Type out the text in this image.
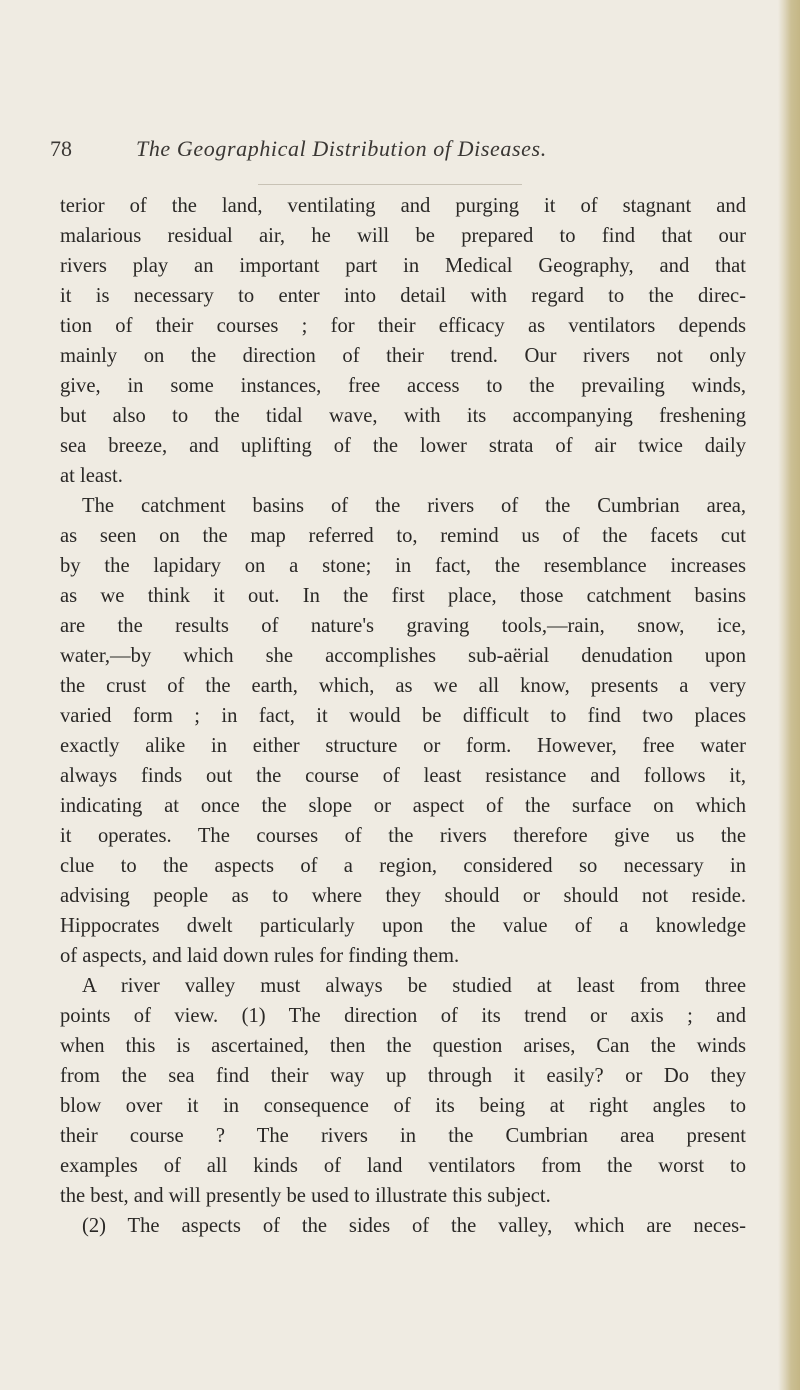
78	The Geographical Distribution of Diseases.
terior of the land, ventilating and purging it of stagnant and
malarious residual air, he will be prepared to find that our
rivers play an important part in Medical Geography, and that
it is necessary to enter into detail with regard to the direc-
tion of their courses ; for their efficacy as ventilators depends
mainly on the direction of their trend. Our rivers not only
give, in some instances, free access to the prevailing winds,
but also to the tidal wave, with its accompanying freshening
sea breeze, and uplifting of the lower strata of air twice daily
at least.
The catchment basins of the rivers of the Cumbrian area,
as seen on the map referred to, remind us of the facets cut
by the lapidary on a stone; in fact, the resemblance increases
as we think it out. In the first place, those catchment basins
are the results of nature's graving tools,—rain, snow, ice,
water,—by which she accomplishes sub-aërial denudation upon
the crust of the earth, which, as we all know, presents a very
varied form ; in fact, it would be difficult to find two places
exactly alike in either structure or form. However, free water
always finds out the course of least resistance and follows it,
indicating at once the slope or aspect of the surface on which
it operates. The courses of the rivers therefore give us the
clue to the aspects of a region, considered so necessary in
advising people as to where they should or should not reside.
Hippocrates dwelt particularly upon the value of a knowledge
of aspects, and laid down rules for finding them.
A river valley must always be studied at least from three
points of view. (1) The direction of its trend or axis ; and
when this is ascertained, then the question arises, Can the winds
from the sea find their way up through it easily? or Do they
blow over it in consequence of its being at right angles to
their course ? The rivers in the Cumbrian area present
examples of all kinds of land ventilators from the worst to
the best, and will presently be used to illustrate this subject.
(2) The aspects of the sides of the valley, which are neces-
